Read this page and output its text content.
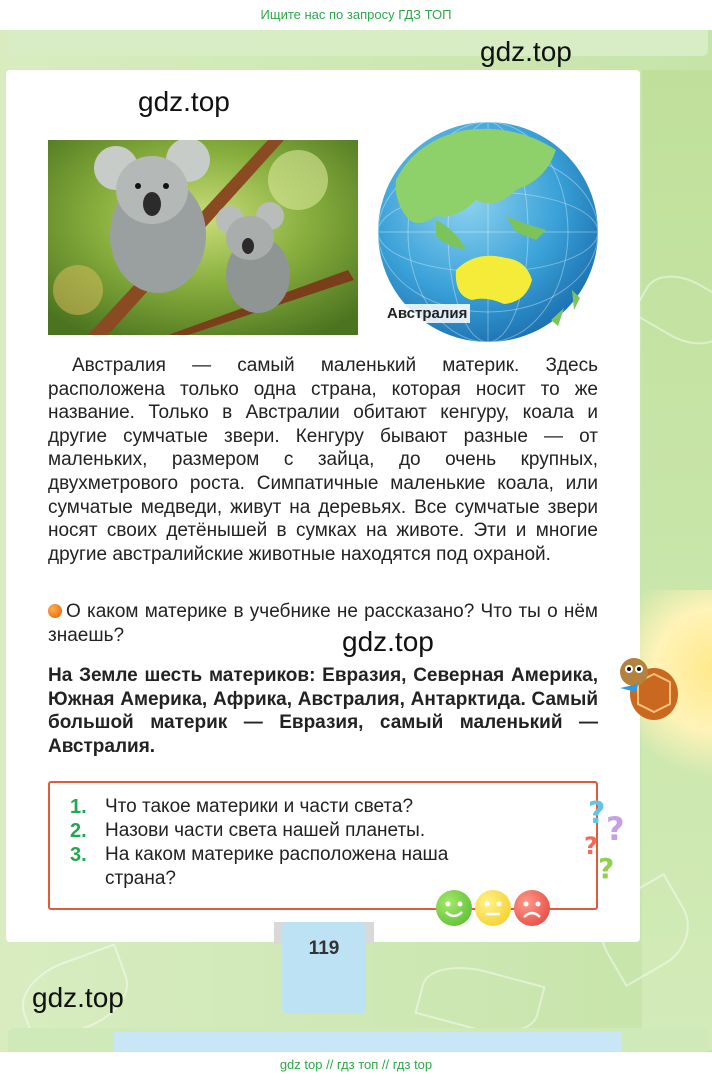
Ищите нас по запросу ГДЗ ТОП
gdz.top
gdz.top
Австралия

Австралия — самый маленький материк. Здесь расположена только одна страна, которая носит то же название. Только в Австралии обитают кенгуру, коала и другие сумчатые звери. Кенгуру бывают разные — от маленьких, размером с зайца, до очень крупных, двухметрового роста. Симпатичные маленькие коала, или сумчатые медведи, живут на деревьях. Все сумчатые звери носят своих детёнышей в сумках на животе. Эти и многие другие австралийские животные находятся под охраной.

О каком материке в учебнике не рассказано? Что ты о нём знаешь?	gdz.top
На Земле шесть материков: Евразия, Северная Америка, Южная Америка, Африка, Австралия, Антарктида. Самый большой материк — Евразия, самый маленький — Австралия.
1. Что такое материки и части света?
2. Назови части света нашей планеты.
3. На каком материке расположена наша страна?
? ?
?
?
119
gdz.top
gdz top // гдз топ // гдз top
